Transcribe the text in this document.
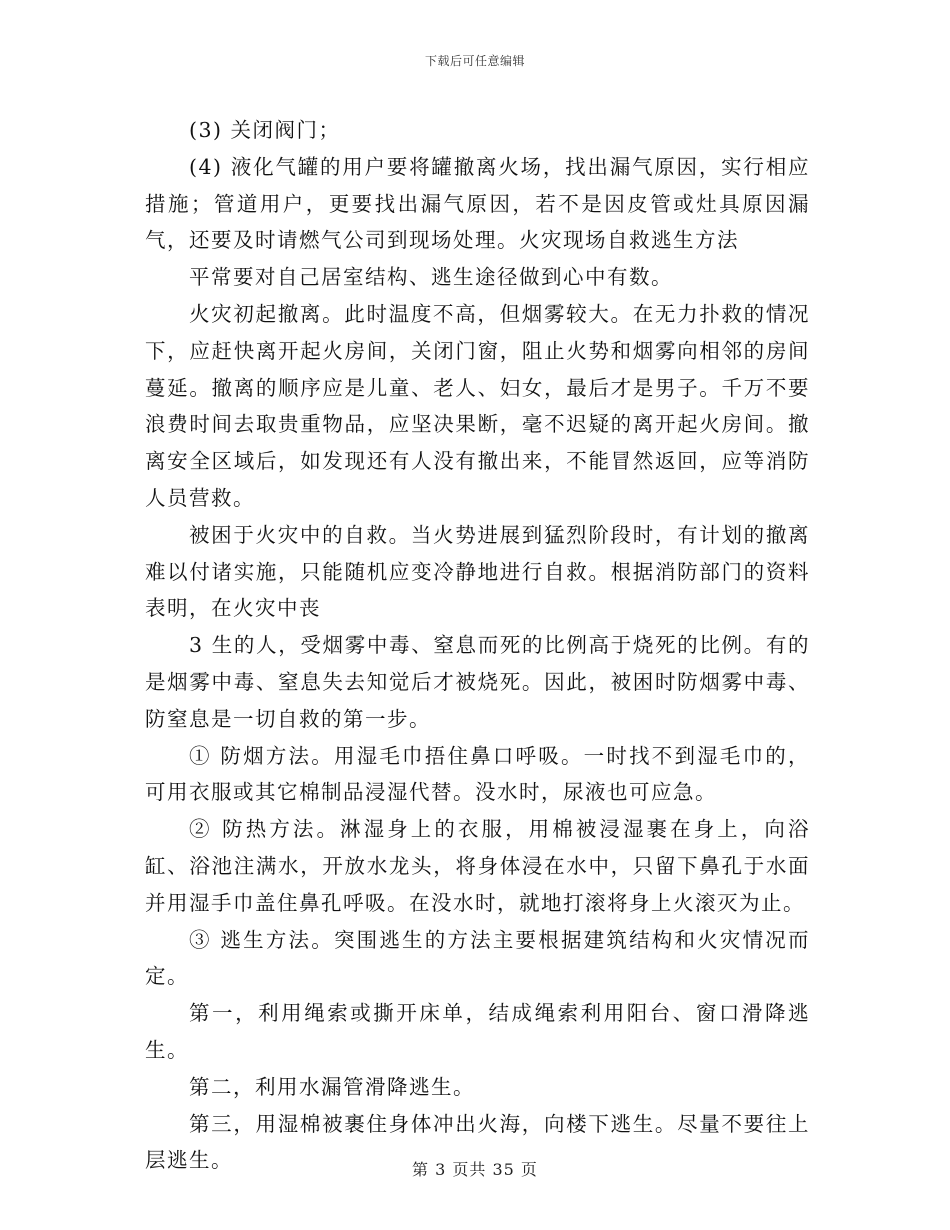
下载后可任意编辑

(3) 关闭阀门；

(4) 液化气罐的用户要将罐撤离火场，找出漏气原因，实行相应措施；管道用户，更要找出漏气原因，若不是因皮管或灶具原因漏气，还要及时请燃气公司到现场处理。火灾现场自救逃生方法

平常要对自己居室结构、逃生途径做到心中有数。

火灾初起撤离。此时温度不高，但烟雾较大。在无力扑救的情况下，应赶快离开起火房间，关闭门窗，阻止火势和烟雾向相邻的房间蔓延。撤离的顺序应是儿童、老人、妇女，最后才是男子。千万不要浪费时间去取贵重物品，应坚决果断，毫不迟疑的离开起火房间。撤离安全区域后，如发现还有人没有撤出来，不能冒然返回，应等消防人员营救。

被困于火灾中的自救。当火势进展到猛烈阶段时，有计划的撤离难以付诸实施，只能随机应变冷静地进行自救。根据消防部门的资料表明，在火灾中丧

3 生的人，受烟雾中毒、窒息而死的比例高于烧死的比例。有的是烟雾中毒、窒息失去知觉后才被烧死。因此，被困时防烟雾中毒、防窒息是一切自救的第一步。

① 防烟方法。用湿毛巾捂住鼻口呼吸。一时找不到湿毛巾的，可用衣服或其它棉制品浸湿代替。没水时，尿液也可应急。

② 防热方法。淋湿身上的衣服，用棉被浸湿裹在身上，向浴缸、浴池注满水，开放水龙头，将身体浸在水中，只留下鼻孔于水面并用湿手巾盖住鼻孔呼吸。在没水时，就地打滚将身上火滚灭为止。

③ 逃生方法。突围逃生的方法主要根据建筑结构和火灾情况而定。

第一，利用绳索或撕开床单，结成绳索利用阳台、窗口滑降逃生。

第二，利用水漏管滑降逃生。

第三，用湿棉被裹住身体冲出火海，向楼下逃生。尽量不要往上层逃生。	第 3 页共 35 页
